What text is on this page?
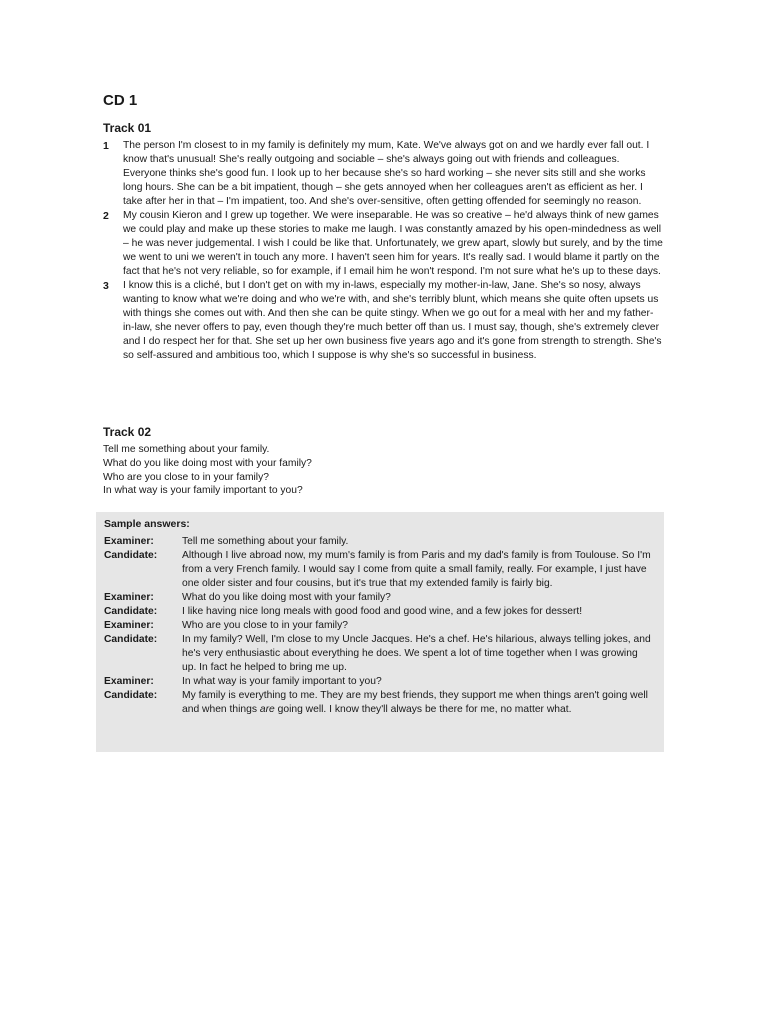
CD 1
Track 01
1 The person I'm closest to in my family is definitely my mum, Kate. We've always got on and we hardly ever fall out. I know that's unusual! She's really outgoing and sociable – she's always going out with friends and colleagues. Everyone thinks she's good fun. I look up to her because she's so hard working – she never sits still and she works long hours. She can be a bit impatient, though – she gets annoyed when her colleagues aren't as efficient as her. I take after her in that – I'm impatient, too. And she's over-sensitive, often getting offended for seemingly no reason.
2 My cousin Kieron and I grew up together. We were inseparable. He was so creative – he'd always think of new games we could play and make up these stories to make me laugh. I was constantly amazed by his open-mindedness as well – he was never judgemental. I wish I could be like that. Unfortunately, we grew apart, slowly but surely, and by the time we went to uni we weren't in touch any more. I haven't seen him for years. It's really sad. I would blame it partly on the fact that he's not very reliable, so for example, if I email him he won't respond. I'm not sure what he's up to these days.
3 I know this is a cliché, but I don't get on with my in-laws, especially my mother-in-law, Jane. She's so nosy, always wanting to know what we're doing and who we're with, and she's terribly blunt, which means she quite often upsets us with things she comes out with. And then she can be quite stingy. When we go out for a meal with her and my father-in-law, she never offers to pay, even though they're much better off than us. I must say, though, she's extremely clever and I do respect her for that. She set up her own business five years ago and it's gone from strength to strength. She's so self-assured and ambitious too, which I suppose is why she's so successful in business.
Track 02
Tell me something about your family.
What do you like doing most with your family?
Who are you close to in your family?
In what way is your family important to you?
Sample answers:
Examiner:	Tell me something about your family.
Candidate:	Although I live abroad now, my mum's family is from Paris and my dad's family is from Toulouse. So I'm from a very French family. I would say I come from quite a small family, really. For example, I just have one older sister and four cousins, but it's true that my extended family is fairly big.
Examiner:	What do you like doing most with your family?
Candidate:	I like having nice long meals with good food and good wine, and a few jokes for dessert!
Examiner:	Who are you close to in your family?
Candidate:	In my family? Well, I'm close to my Uncle Jacques. He's a chef. He's hilarious, always telling jokes, and he's very enthusiastic about everything he does. We spent a lot of time together when I was growing up. In fact he helped to bring me up.
Examiner:	In what way is your family important to you?
Candidate:	My family is everything to me. They are my best friends, they support me when things aren't going well and when things are going well. I know they'll always be there for me, no matter what.
